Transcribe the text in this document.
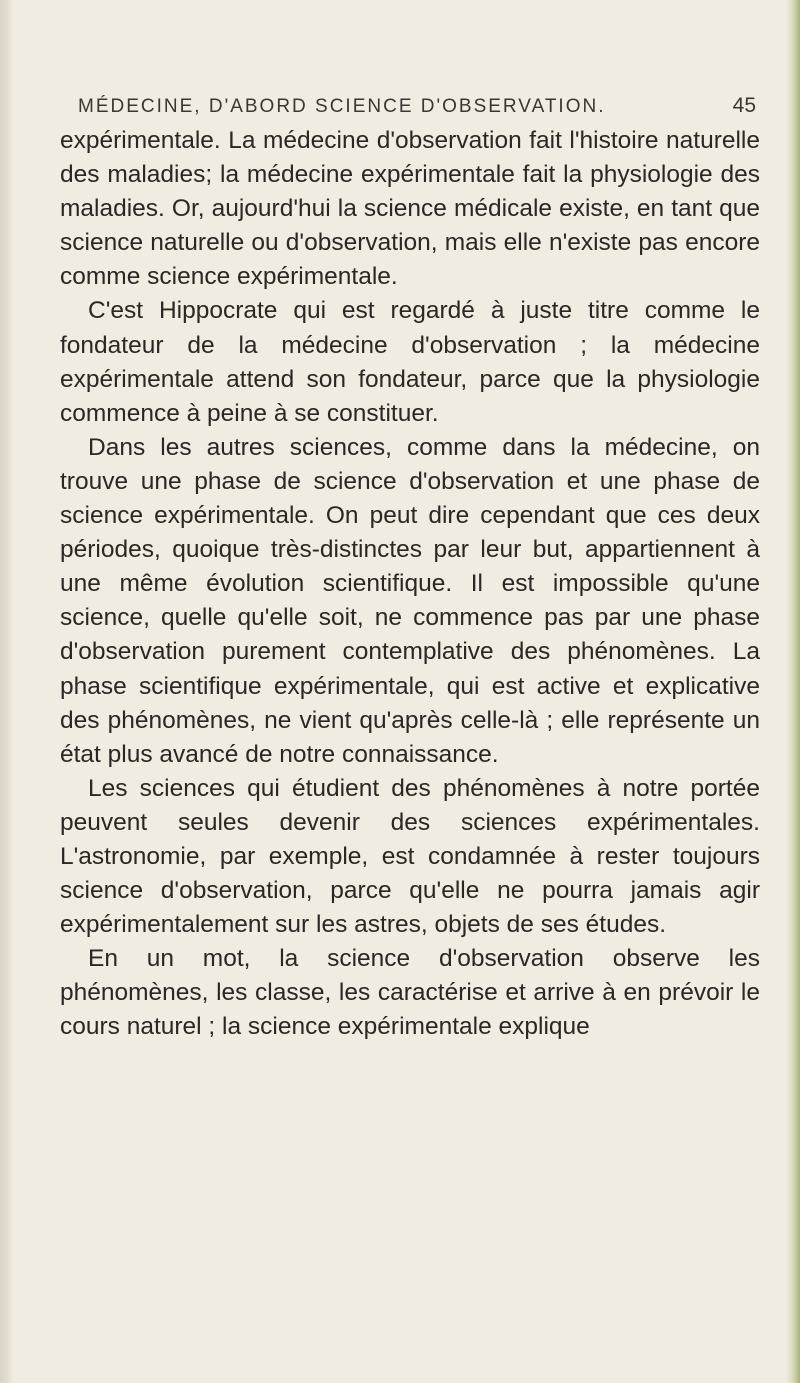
MÉDECINE, D'ABORD SCIENCE D'OBSERVATION.	45

expérimentale. La médecine d'observation fait l'histoire naturelle des maladies; la médecine expérimentale fait la physiologie des maladies. Or, aujourd'hui la science médicale existe, en tant que science naturelle ou d'observation, mais elle n'existe pas encore comme science expérimentale.

C'est Hippocrate qui est regardé à juste titre comme le fondateur de la médecine d'observation ; la médecine expérimentale attend son fondateur, parce que la physiologie commence à peine à se constituer.

Dans les autres sciences, comme dans la médecine, on trouve une phase de science d'observation et une phase de science expérimentale. On peut dire cependant que ces deux périodes, quoique très-distinctes par leur but, appartiennent à une même évolution scientifique. Il est impossible qu'une science, quelle qu'elle soit, ne commence pas par une phase d'observation purement contemplative des phénomènes. La phase scientifique expérimentale, qui est active et explicative des phénomènes, ne vient qu'après celle-là ; elle représente un état plus avancé de notre connaissance.

Les sciences qui étudient des phénomènes à notre portée peuvent seules devenir des sciences expérimentales. L'astronomie, par exemple, est condamnée à rester toujours science d'observation, parce qu'elle ne pourra jamais agir expérimentalement sur les astres, objets de ses études.

En un mot, la science d'observation observe les phénomènes, les classe, les caractérise et arrive à en prévoir le cours naturel ; la science expérimentale explique
